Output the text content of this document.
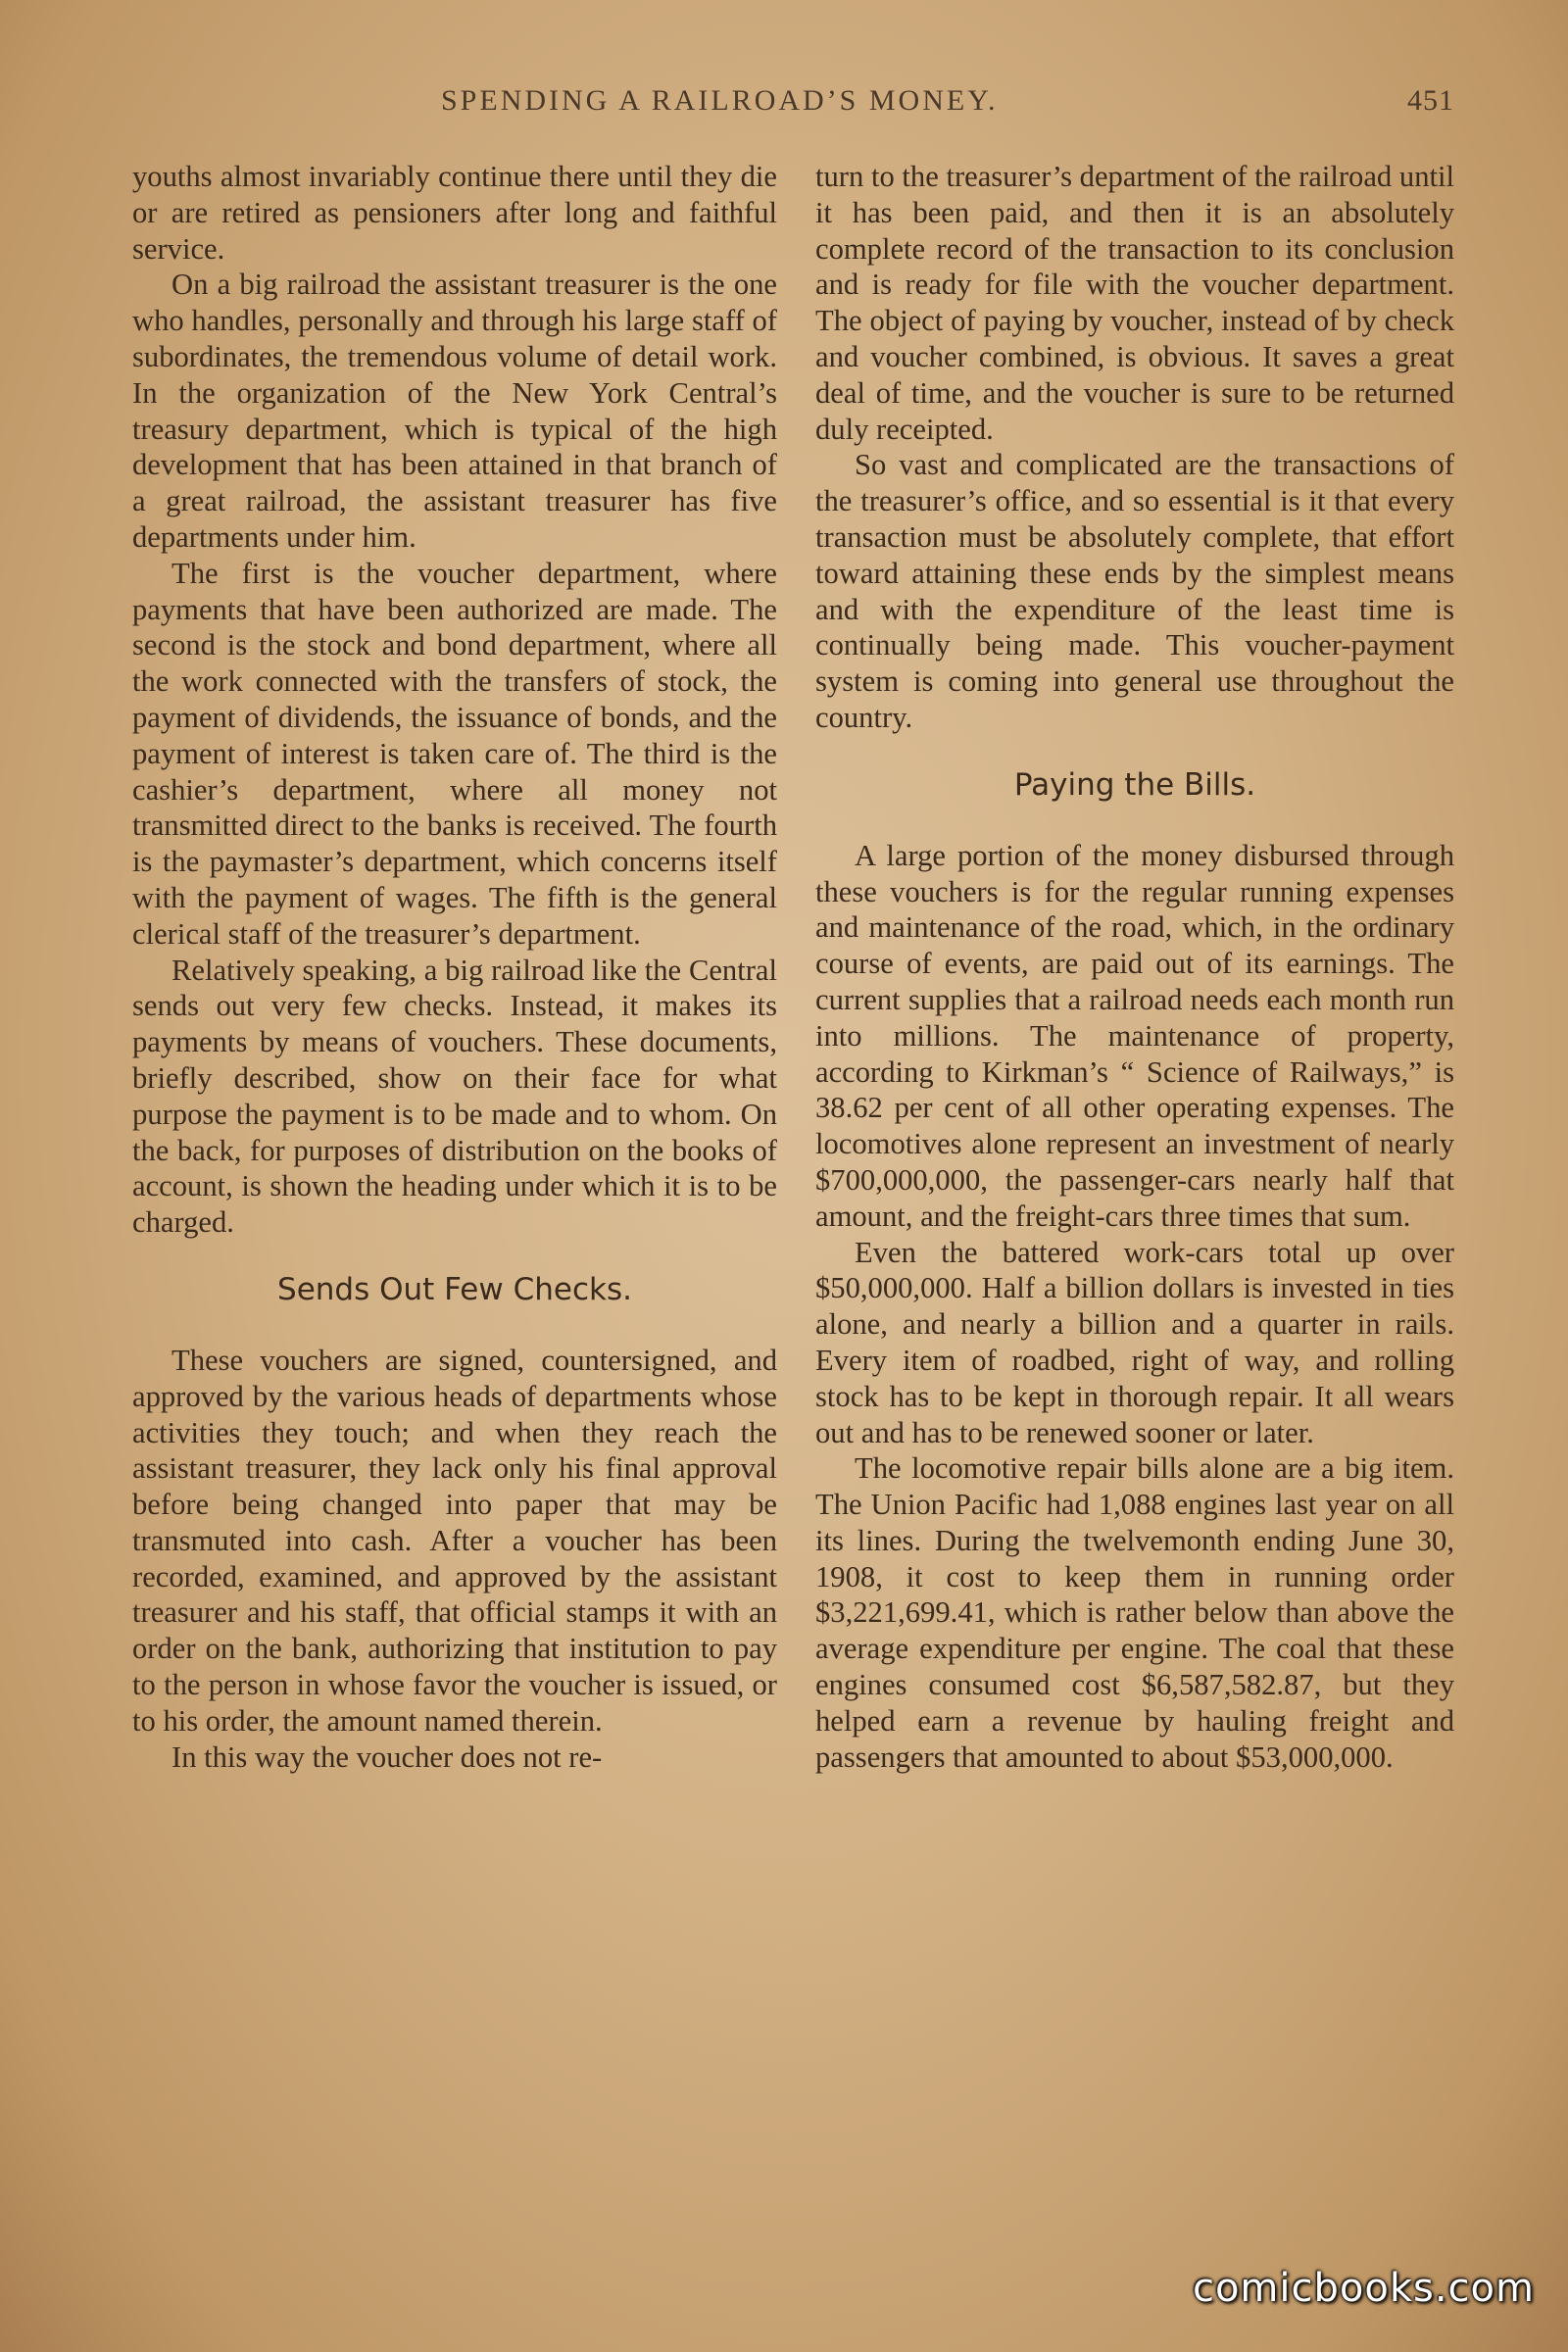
SPENDING A RAILROAD’S MONEY.	451

youths almost invariably continue there until they die or are retired as pensioners after long and faithful service.

On a big railroad the assistant treasurer is the one who handles, personally and through his large staff of subordinates, the tremendous volume of detail work. In the organization of the New York Central’s treasury department, which is typical of the high development that has been attained in that branch of a great railroad, the assistant treasurer has five departments under him.

The first is the voucher department, where payments that have been authorized are made. The second is the stock and bond department, where all the work connected with the transfers of stock, the payment of dividends, the issuance of bonds, and the payment of interest is taken care of. The third is the cashier’s department, where all money not transmitted direct to the banks is received. The fourth is the paymaster’s department, which concerns itself with the payment of wages. The fifth is the general clerical staff of the treasurer’s department.

Relatively speaking, a big railroad like the Central sends out very few checks. Instead, it makes its payments by means of vouchers. These documents, briefly described, show on their face for what purpose the payment is to be made and to whom. On the back, for purposes of distribution on the books of account, is shown the heading under which it is to be charged.

Sends Out Few Checks.

These vouchers are signed, countersigned, and approved by the various heads of departments whose activities they touch; and when they reach the assistant treasurer, they lack only his final approval before being changed into paper that may be transmuted into cash. After a voucher has been recorded, examined, and approved by the assistant treasurer and his staff, that official stamps it with an order on the bank, authorizing that institution to pay to the person in whose favor the voucher is issued, or to his order, the amount named therein.

In this way the voucher does not re-

turn to the treasurer’s department of the railroad until it has been paid, and then it is an absolutely complete record of the transaction to its conclusion and is ready for file with the voucher department. The object of paying by voucher, instead of by check and voucher combined, is obvious. It saves a great deal of time, and the voucher is sure to be returned duly receipted.

So vast and complicated are the transactions of the treasurer’s office, and so essential is it that every transaction must be absolutely complete, that effort toward attaining these ends by the simplest means and with the expenditure of the least time is continually being made. This voucher-payment system is coming into general use throughout the country.

Paying the Bills.

A large portion of the money disbursed through these vouchers is for the regular running expenses and maintenance of the road, which, in the ordinary course of events, are paid out of its earnings. The current supplies that a railroad needs each month run into millions. The maintenance of property, according to Kirkman’s “ Science of Railways,” is 38.62 per cent of all other operating expenses. The locomotives alone represent an investment of nearly $700,000,000, the passenger-cars nearly half that amount, and the freight-cars three times that sum.

Even the battered work-cars total up over $50,000,000. Half a billion dollars is invested in ties alone, and nearly a billion and a quarter in rails. Every item of roadbed, right of way, and rolling stock has to be kept in thorough repair. It all wears out and has to be renewed sooner or later.

The locomotive repair bills alone are a big item. The Union Pacific had 1,088 engines last year on all its lines. During the twelvemonth ending June 30, 1908, it cost to keep them in running order $3,221,699.41, which is rather below than above the average expenditure per engine. The coal that these engines consumed cost $6,587,582.87, but they helped earn a revenue by hauling freight and passengers that amounted to about $53,000,000.

comicbooks.com
